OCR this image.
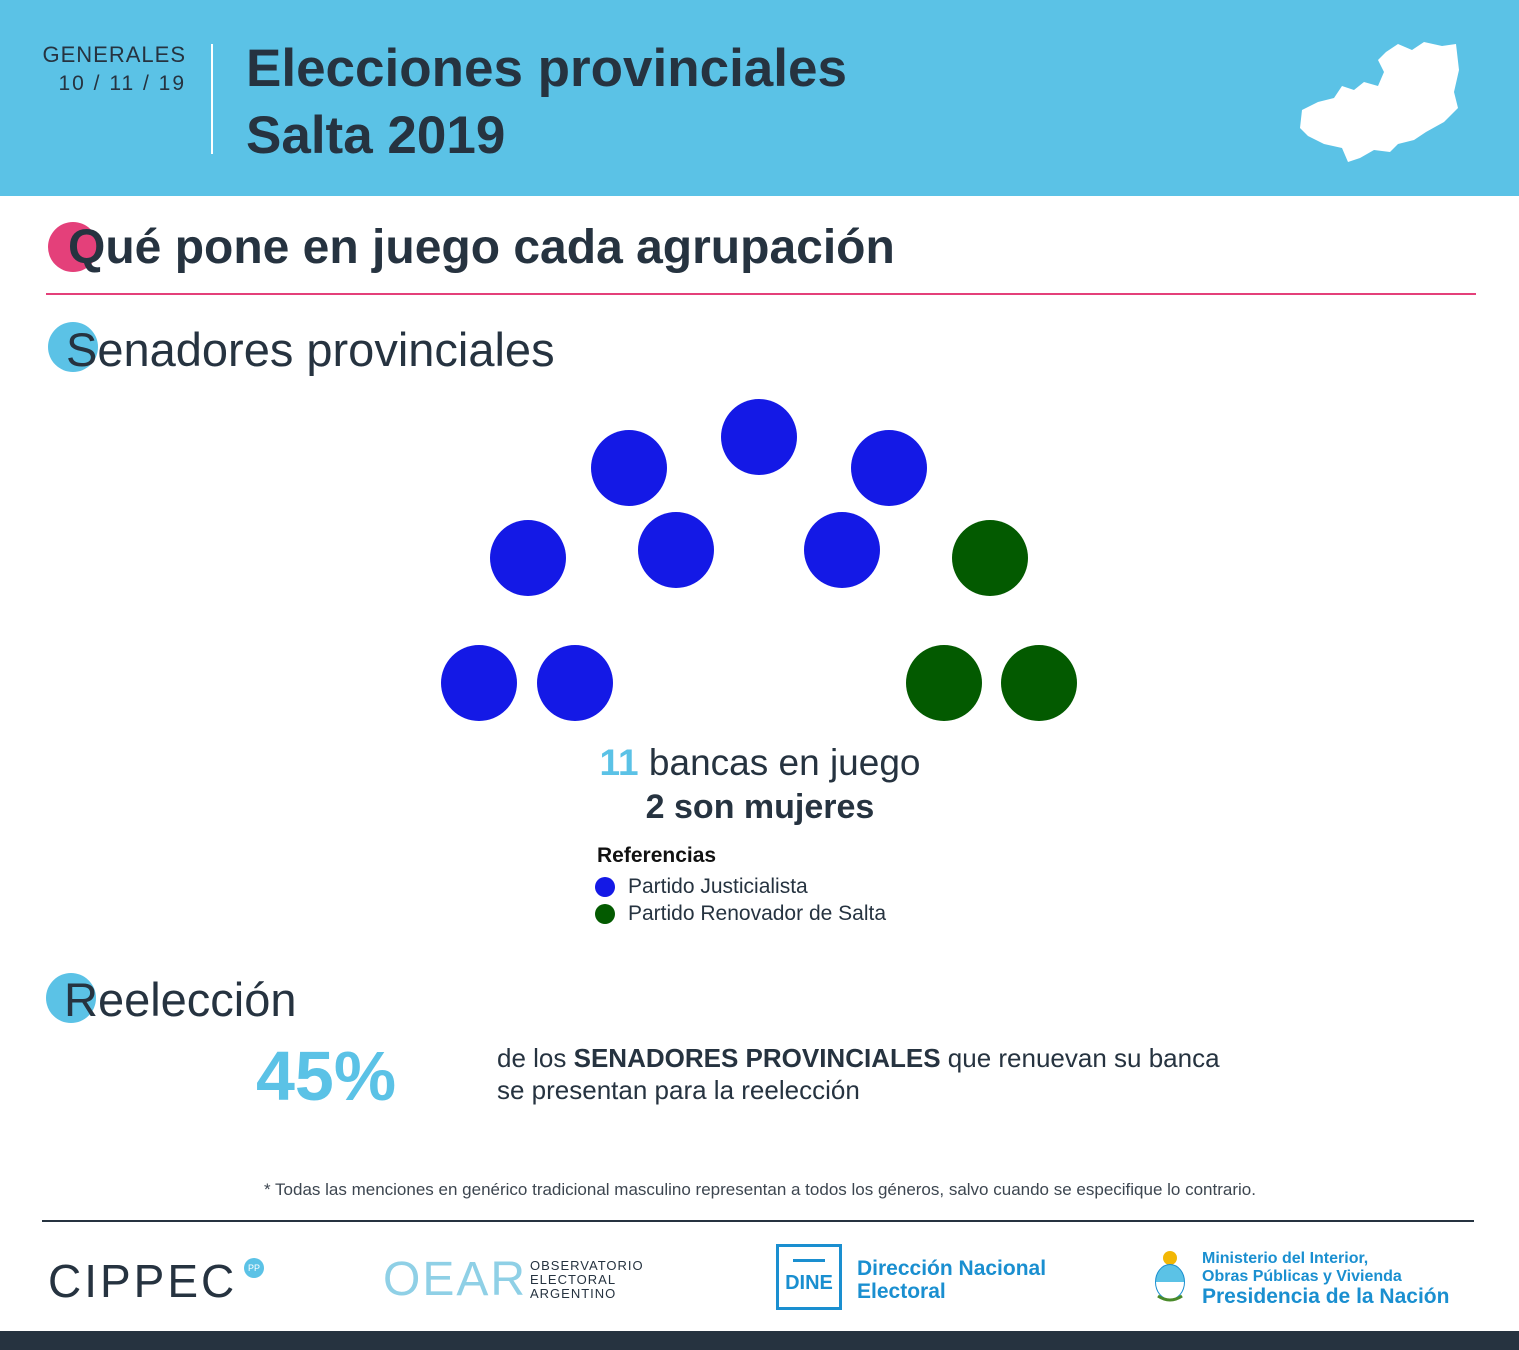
GENERALES
10 / 11 / 19 Elecciones provinciales
Salta 2019
Qué pone en juego cada agrupación
Senadores provinciales
11 bancas en juego
2 son mujeres
Referencias
Partido Justicialista
Partido Renovador de Salta
Reelección
45%	de los SENADORES PROVINCIALES que renuevan su banca
se presentan para la reelección
* Todas las menciones en genérico tradicional masculino representan a todos los géneros, salvo cuando se especifique lo contrario.
CIPPEC	PP	OEAR OBSERVATORIO
ELECTORAL
ARGENTINO	DINE
Dirección Nacional
Electoral
Ministerio del Interior,
Obras Públicas y Vivienda
Presidencia de la Nación
